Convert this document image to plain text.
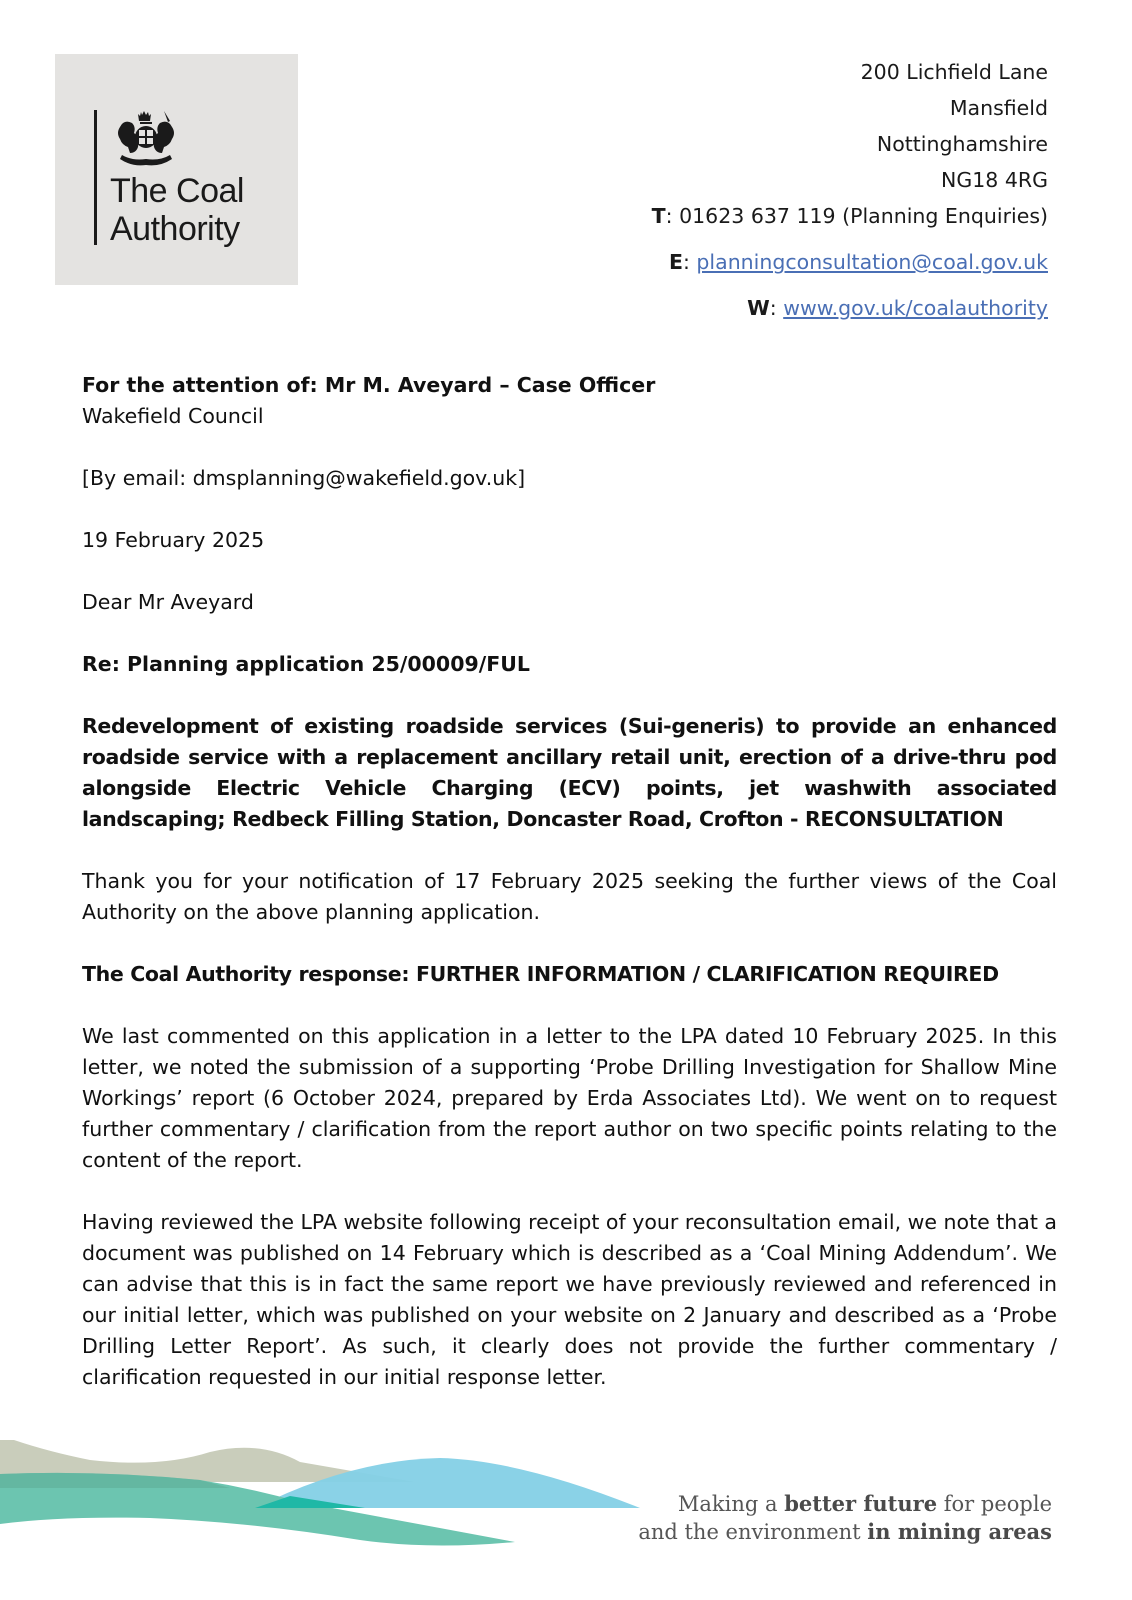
The Coal
Authority
200 Lichfield Lane
Mansfield
Nottinghamshire
NG18 4RG
T: 01623 637 119 (Planning Enquiries)
E: planningconsultation@coal.gov.uk
W: www.gov.uk/coalauthority

For the attention of: Mr M. Aveyard – Case Officer

Wakefield Council

[By email: dmsplanning@wakefield.gov.uk]

19 February 2025

Dear Mr Aveyard

Re: Planning application 25/00009/FUL

Redevelopment of existing roadside services (Sui-generis) to provide an enhanced roadside service with a replacement ancillary retail unit, erection of a drive-thru pod alongside Electric Vehicle Charging (ECV) points, jet washwith associated landscaping; Redbeck Filling Station, Doncaster Road, Crofton - RECONSULTATION

Thank you for your notification of 17 February 2025 seeking the further views of the Coal Authority on the above planning application.

The Coal Authority response: FURTHER INFORMATION / CLARIFICATION REQUIRED

We last commented on this application in a letter to the LPA dated 10 February 2025. In this letter, we noted the submission of a supporting ‘Probe Drilling Investigation for Shallow Mine Workings’ report (6 October 2024, prepared by Erda Associates Ltd). We went on to request further commentary / clarification from the report author on two specific points relating to the content of the report.

Having reviewed the LPA website following receipt of your reconsultation email, we note that a document was published on 14 February which is described as a ‘Coal Mining Addendum’. We can advise that this is in fact the same report we have previously reviewed and referenced in our initial letter, which was published on your website on 2 January and described as a ‘Probe Drilling Letter Report’. As such, it clearly does not provide the further commentary / clarification requested in our initial response letter.

Making a better future for people
and the environment in mining areas
